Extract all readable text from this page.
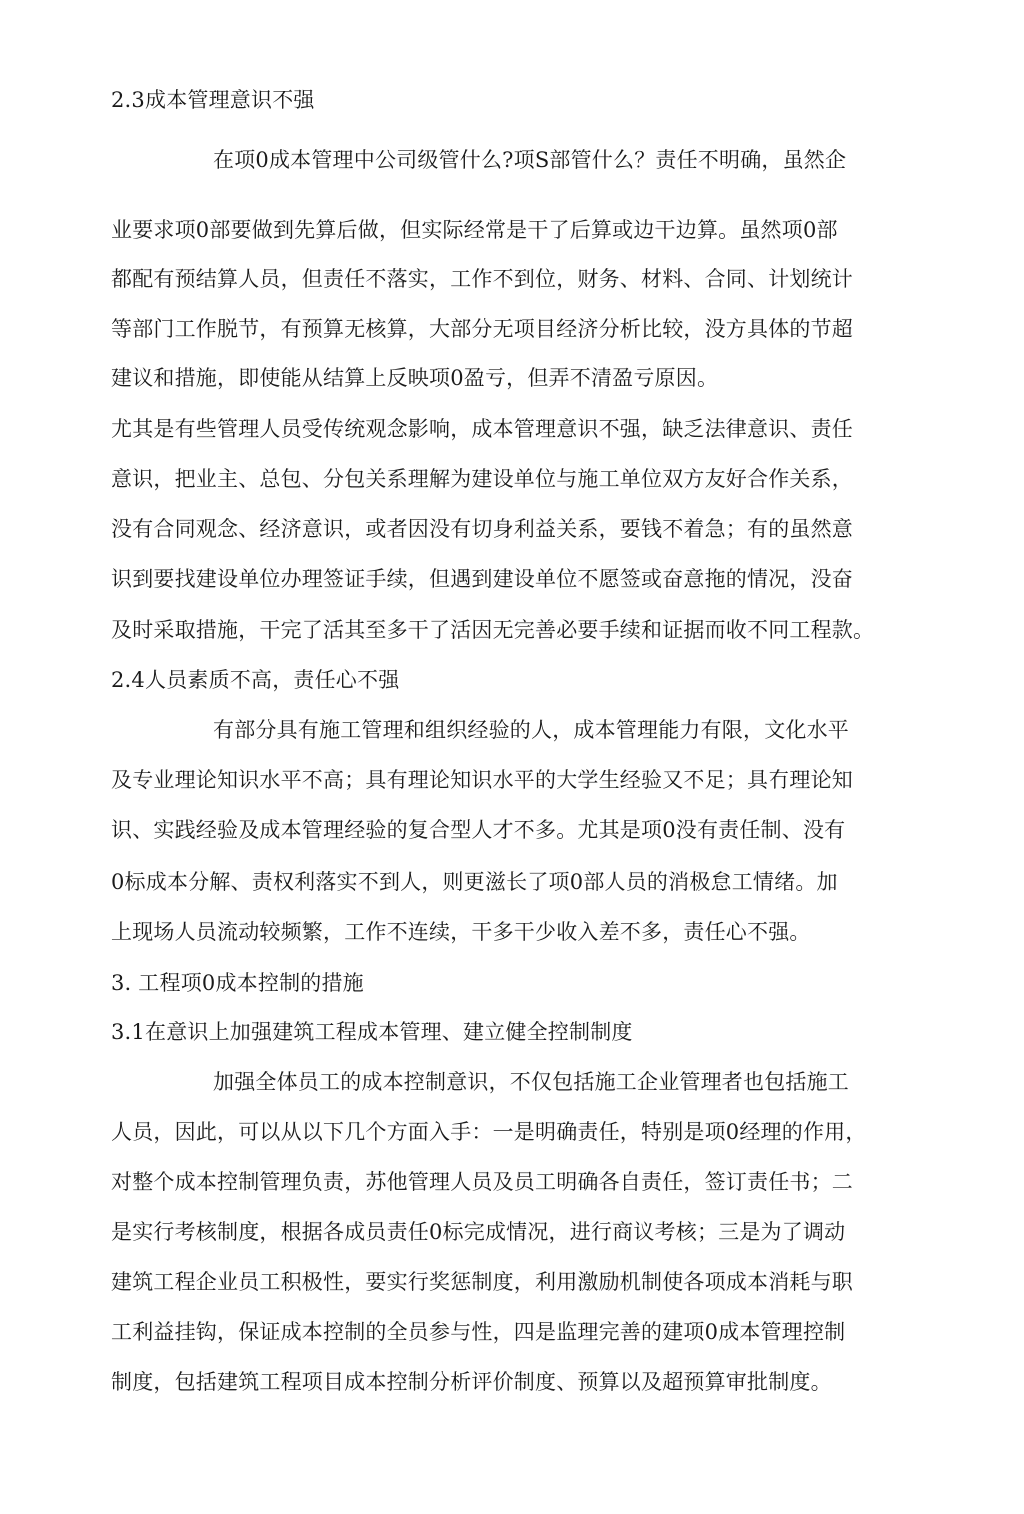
2.3成本管理意识不强
在项0成本管理中公司级管什么?项S部管什么？责任不明确，虽然企
业要求项0部要做到先算后做，但实际经常是干了后算或边干边算。虽然项0部
都配有预结算人员，但责任不落实，工作不到位，财务、材料、合同、计划统计
等部门工作脱节，有预算无核算，大部分无项目经济分析比较，没方具体的节超
建议和措施，即使能从结算上反映项0盈亏，但弄不清盈亏原因。
尤其是有些管理人员受传统观念影响，成本管理意识不强，缺乏法律意识、责任
意识，把业主、总包、分包关系理解为建设单位与施工单位双方友好合作关系，
没有合同观念、经济意识，或者因没有切身利益关系，要钱不着急；有的虽然意
识到要找建设单位办理签证手续，但遇到建设单位不愿签或奋意拖的情况，没奋
及时采取措施，干完了活其至多干了活因无完善必要手续和证据而收不冋工程款。
2.4人员素质不高，责任心不强
有部分具有施工管理和组织经验的人，成本管理能力有限，文化水平
及专业理论知识水平不高；具有理论知识水平的大学生经验又不足；具冇理论知
识、实践经验及成本管理经验的复合型人才不多。尤其是项0没有责任制、没有
0标成本分解、责权利落实不到人，则更滋长了项0部人员的消极怠工情绪。加
上现场人员流动较频繁，工作不连续，干多干少收入差不多，责任心不强。
3. 工程项0成本控制的措施
3.1在意识上加强建筑工程成本管理、建立健全控制制度
加强全体员工的成本控制意识，不仅包括施工企业管理者也包括施工
人员，因此，可以从以下几个方面入手：一是明确责任，特别是项0经理的作用，
对整个成本控制管理负责，苏他管理人员及员工明确各自责任，签订责任书；二
是实行考核制度，根据各成员责任0标完成情况，进行商议考核；三是为了调动
建筑工程企业员工积极性，要实行奖惩制度，利用激励机制使各项成本消耗与职
工利益挂钩，保证成本控制的全员参与性，四是监理完善的建项0成本管理控制
制度，包括建筑工程项目成本控制分析评价制度、预算以及超预算审批制度。
